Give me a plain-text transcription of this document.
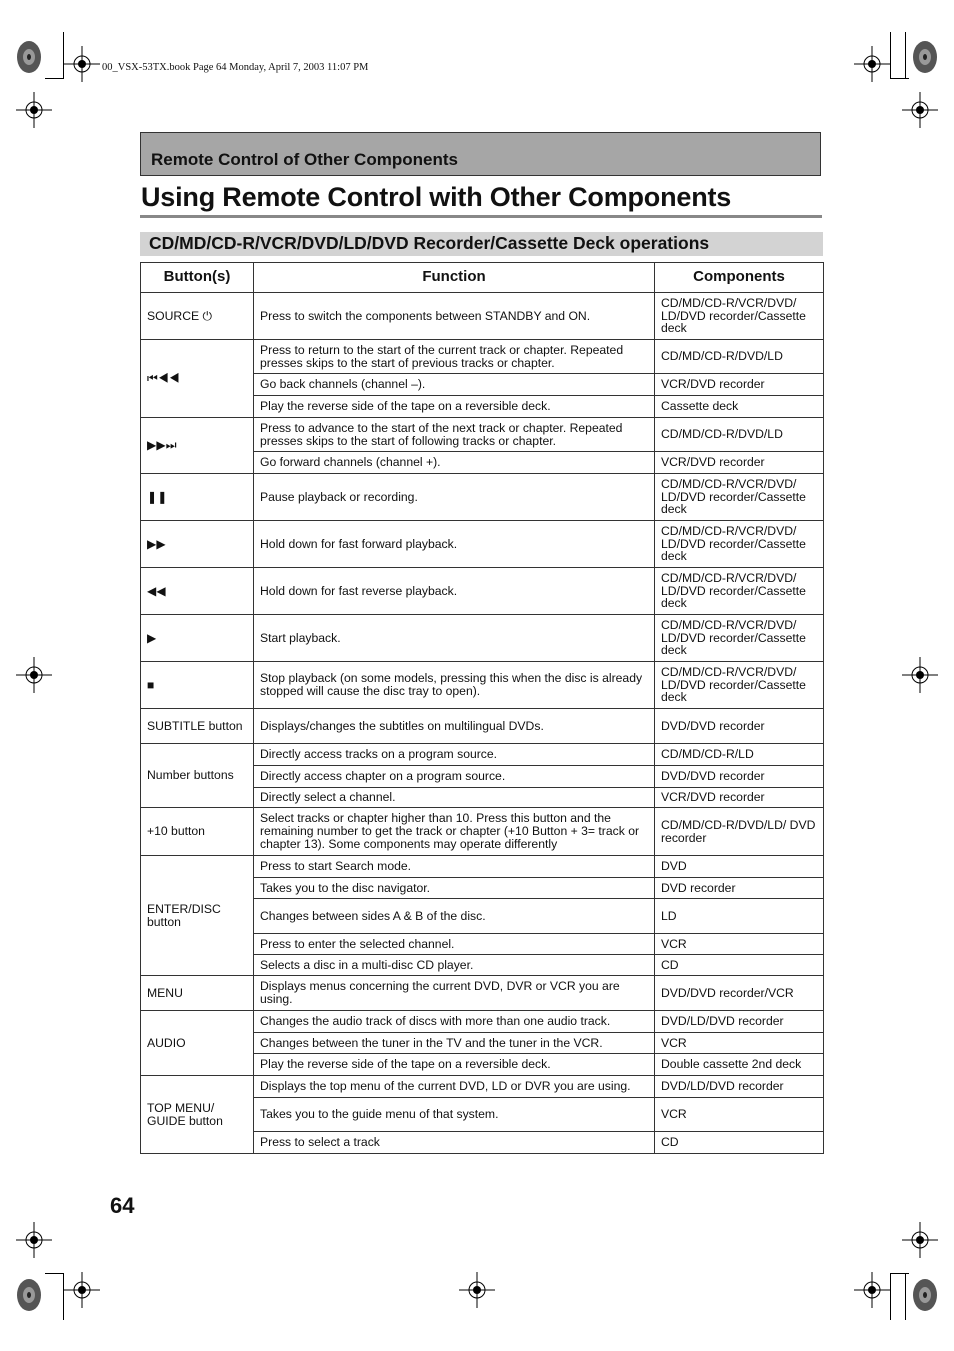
00_VSX-53TX.book Page 64 Monday, April 7, 2003 11:07 PM
Remote Control of Other Components
Using Remote Control with Other Components
CD/MD/CD-R/VCR/DVD/LD/DVD Recorder/Cassette Deck operations
Button(s)	Function	Components
SOURCE ⏻	Press to switch the components between STANDBY and ON.	CD/MD/CD-R/VCR/DVD/ LD/DVD recorder/Cassette deck
⏮◀◀	Press to return to the start of the current track or chapter. Repeated presses skips to the start of previous tracks or chapter.	CD/MD/CD-R/DVD/LD
	Go back channels (channel –).	VCR/DVD recorder
	Play the reverse side of the tape on a reversible deck.	Cassette deck
▶▶⏭	Press to advance to the start of the next track or chapter. Repeated presses skips to the start of following tracks or chapter.	CD/MD/CD-R/DVD/LD
	Go forward channels (channel +).	VCR/DVD recorder
❚❚	Pause playback or recording.	CD/MD/CD-R/VCR/DVD/ LD/DVD recorder/Cassette deck
▶▶	Hold down for fast forward playback.	CD/MD/CD-R/VCR/DVD/ LD/DVD recorder/Cassette deck
◀◀	Hold down for fast reverse playback.	CD/MD/CD-R/VCR/DVD/ LD/DVD recorder/Cassette deck
▶	Start playback.	CD/MD/CD-R/VCR/DVD/ LD/DVD recorder/Cassette deck
■	Stop playback (on some models, pressing this when the disc is already stopped will cause the disc tray to open).	CD/MD/CD-R/VCR/DVD/ LD/DVD recorder/Cassette deck
SUBTITLE button	Displays/changes the subtitles on multilingual DVDs.	DVD/DVD recorder
Number buttons	Directly access tracks on a program source.	CD/MD/CD-R/LD
	Directly access chapter on a program source.	DVD/DVD recorder
	Directly select a channel.	VCR/DVD recorder
+10 button	Select tracks or chapter higher than 10. Press this button and the remaining number to get the track or chapter (+10 Button + 3= track or chapter 13). Some components may operate differently	CD/MD/CD-R/DVD/LD/ DVD recorder
ENTER/DISC button	Press to start Search mode.	DVD
	Takes you to the disc navigator.	DVD recorder
	Changes between sides A & B of the disc.	LD
	Press to enter the selected channel.	VCR
	Selects a disc in a multi-disc CD player.	CD
MENU	Displays menus concerning the current DVD, DVR or VCR you are using.	DVD/DVD recorder/VCR
AUDIO	Changes the audio track of discs with more than one audio track.	DVD/LD/DVD recorder
	Changes between the tuner in the TV and the tuner in the VCR.	VCR
	Play the reverse side of the tape on a reversible deck.	Double cassette 2nd deck
TOP MENU/ GUIDE button	Displays the top menu of the current DVD, LD or DVR you are using.	DVD/LD/DVD recorder
	Takes you to the guide menu of that system.	VCR
	Press to select a track	CD
64
